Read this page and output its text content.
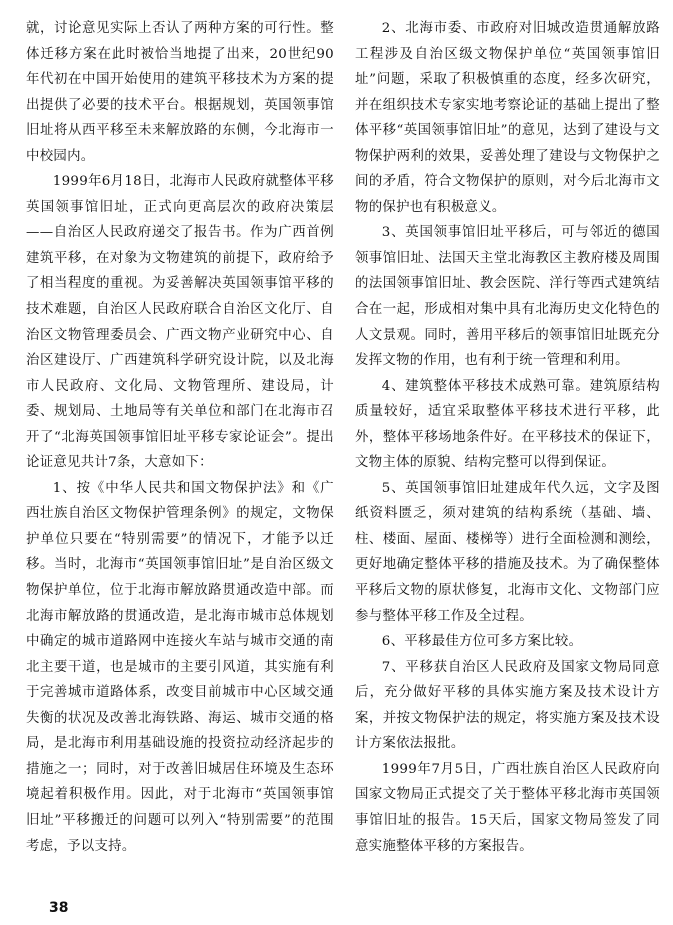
就，讨论意见实际上否认了两种方案的可行性。整体迁移方案在此时被恰当地提了出来，20世纪90年代初在中国开始使用的建筑平移技术为方案的提出提供了必要的技术平台。根据规划，英国领事馆旧址将从西平移至未来解放路的东侧，今北海市一中校园内。

1999年6月18日，北海市人民政府就整体平移英国领事馆旧址，正式向更高层次的政府决策层——自治区人民政府递交了报告书。作为广西首例建筑平移，在对象为文物建筑的前提下，政府给予了相当程度的重视。为妥善解决英国领事馆平移的技术难题，自治区人民政府联合自治区文化厅、自治区文物管理委员会、广西文物产业研究中心、自治区建设厅、广西建筑科学研究设计院，以及北海市人民政府、文化局、文物管理所、建设局，计委、规划局、土地局等有关单位和部门在北海市召开了“北海英国领事馆旧址平移专家论证会”。提出论证意见共计7条，大意如下：

1、按《中华人民共和国文物保护法》和《广西壮族自治区文物保护管理条例》的规定，文物保护单位只要在“特别需要”的情况下，才能予以迁移。当时，北海市“英国领事馆旧址”是自治区级文物保护单位，位于北海市解放路贯通改造中部。而北海市解放路的贯通改造，是北海市城市总体规划中确定的城市道路网中连接火车站与城市交通的南北主要干道，也是城市的主要引风道，其实施有利于完善城市道路体系，改变目前城市中心区域交通失衡的状况及改善北海铁路、海运、城市交通的格局，是北海市利用基础设施的投资拉动经济起步的措施之一；同时，对于改善旧城居住环境及生态环境起着积极作用。因此，对于北海市“英国领事馆旧址”平移搬迁的问题可以列入“特别需要”的范围考虑，予以支持。

2、北海市委、市政府对旧城改造贯通解放路工程涉及自治区级文物保护单位“英国领事馆旧址”问题，采取了积极慎重的态度，经多次研究，并在组织技术专家实地考察论证的基础上提出了整体平移“英国领事馆旧址”的意见，达到了建设与文物保护两利的效果，妥善处理了建设与文物保护之间的矛盾，符合文物保护的原则，对今后北海市文物的保护也有积极意义。

3、英国领事馆旧址平移后，可与邻近的德国领事馆旧址、法国天主堂北海教区主教府楼及周围的法国领事馆旧址、教会医院、洋行等西式建筑结合在一起，形成相对集中具有北海历史文化特色的人文景观。同时，善用平移后的领事馆旧址既充分发挥文物的作用，也有利于统一管理和利用。

4、建筑整体平移技术成熟可靠。建筑原结构质量较好，适宜采取整体平移技术进行平移，此外，整体平移场地条件好。在平移技术的保证下，文物主体的原貌、结构完整可以得到保证。

5、英国领事馆旧址建成年代久远，文字及图纸资料匮乏，须对建筑的结构系统（基础、墙、柱、楼面、屋面、楼梯等）进行全面检测和测绘，更好地确定整体平移的措施及技术。为了确保整体平移后文物的原状修复，北海市文化、文物部门应参与整体平移工作及全过程。

6、平移最佳方位可多方案比较。

7、平移获自治区人民政府及国家文物局同意后，充分做好平移的具体实施方案及技术设计方案，并按文物保护法的规定，将实施方案及技术设计方案依法报批。

1999年7月5日，广西壮族自治区人民政府向国家文物局正式提交了关于整体平移北海市英国领事馆旧址的报告。15天后，国家文物局签发了同意实施整体平移的方案报告。

38
